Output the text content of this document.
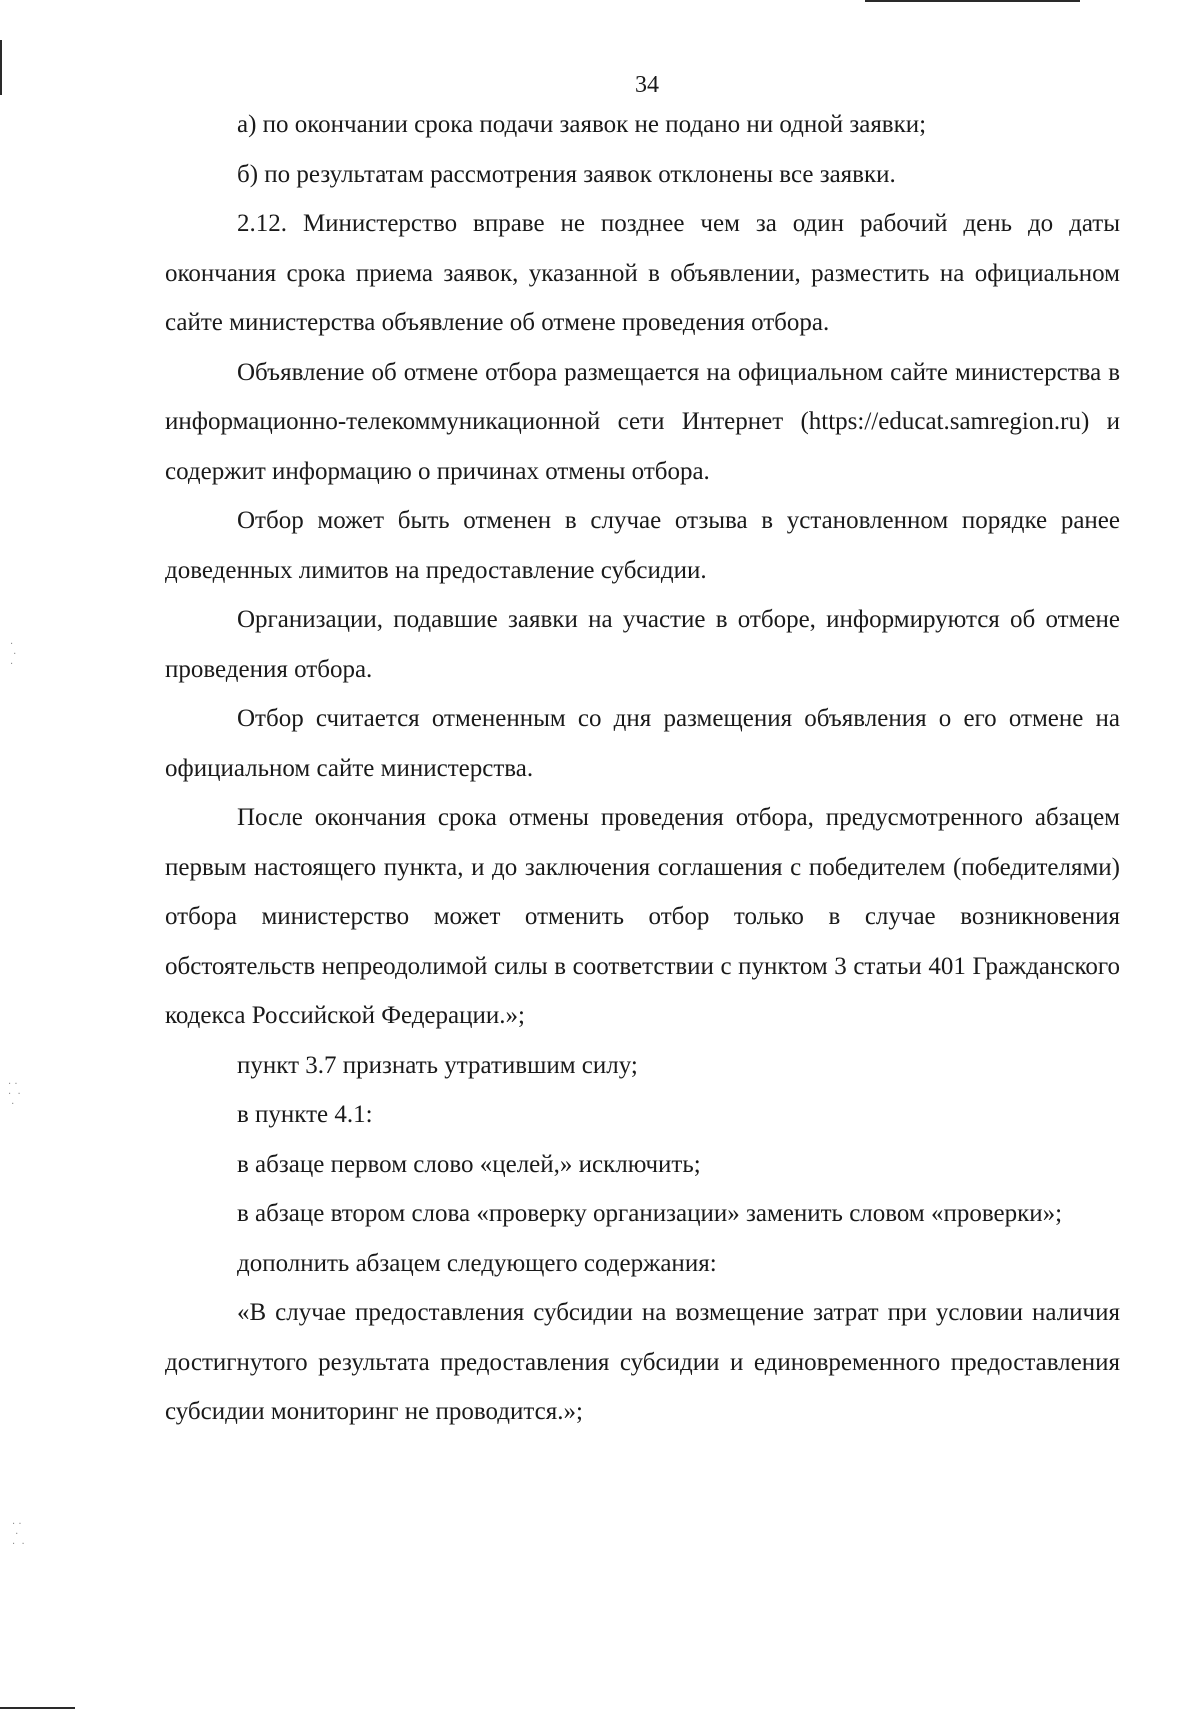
· ·
·  ·
·
·
·
·
· ·
·
·  ·
34

а) по окончании срока подачи заявок не подано ни одной заявки;

б) по результатам рассмотрения заявок отклонены все заявки.

2.12. Министерство вправе не позднее чем за один рабочий день до даты окончания срока приема заявок, указанной в объявлении, разместить на официальном сайте министерства объявление об отмене проведения отбора.

Объявление об отмене отбора размещается на официальном сайте министерства в информационно-телекоммуникационной сети Интернет (https://educat.samregion.ru) и содержит информацию о причинах отмены отбора.

Отбор может быть отменен в случае отзыва в установленном порядке ранее доведенных лимитов на предоставление субсидии.

Организации, подавшие заявки на участие в отборе, информируются об отмене проведения отбора.

Отбор считается отмененным со дня размещения объявления о его отмене на официальном сайте министерства.

После окончания срока отмены проведения отбора, предусмотренного абзацем первым настоящего пункта, и до заключения соглашения с победителем (победителями) отбора министерство может отменить отбор только в случае возникновения обстоятельств непреодолимой силы в соответствии с пунктом 3 статьи 401 Гражданского кодекса Российской Федерации.»;

пункт 3.7 признать утратившим силу;

в пункте 4.1:

в абзаце первом слово «целей,» исключить;

в абзаце втором слова «проверку организации» заменить словом «проверки»;

дополнить абзацем следующего содержания:

«В случае предоставления субсидии на возмещение затрат при условии наличия достигнутого результата предоставления субсидии и единовременного предоставления субсидии мониторинг не проводится.»;
